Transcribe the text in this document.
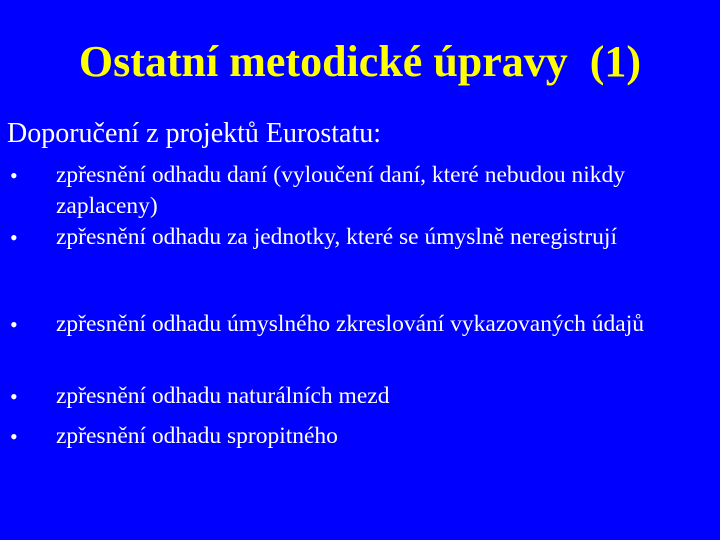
Ostatní metodické úpravy  (1)
Doporučení z projektů Eurostatu:
• zpřesnění odhadu daní (vyloučení daní, které nebudou nikdy zaplaceny)
• zpřesnění odhadu za jednotky, které se úmyslně neregistrují
• zpřesnění odhadu úmyslného zkreslování vykazovaných údajů
• zpřesnění odhadu naturálních mezd
• zpřesnění odhadu spropitného
